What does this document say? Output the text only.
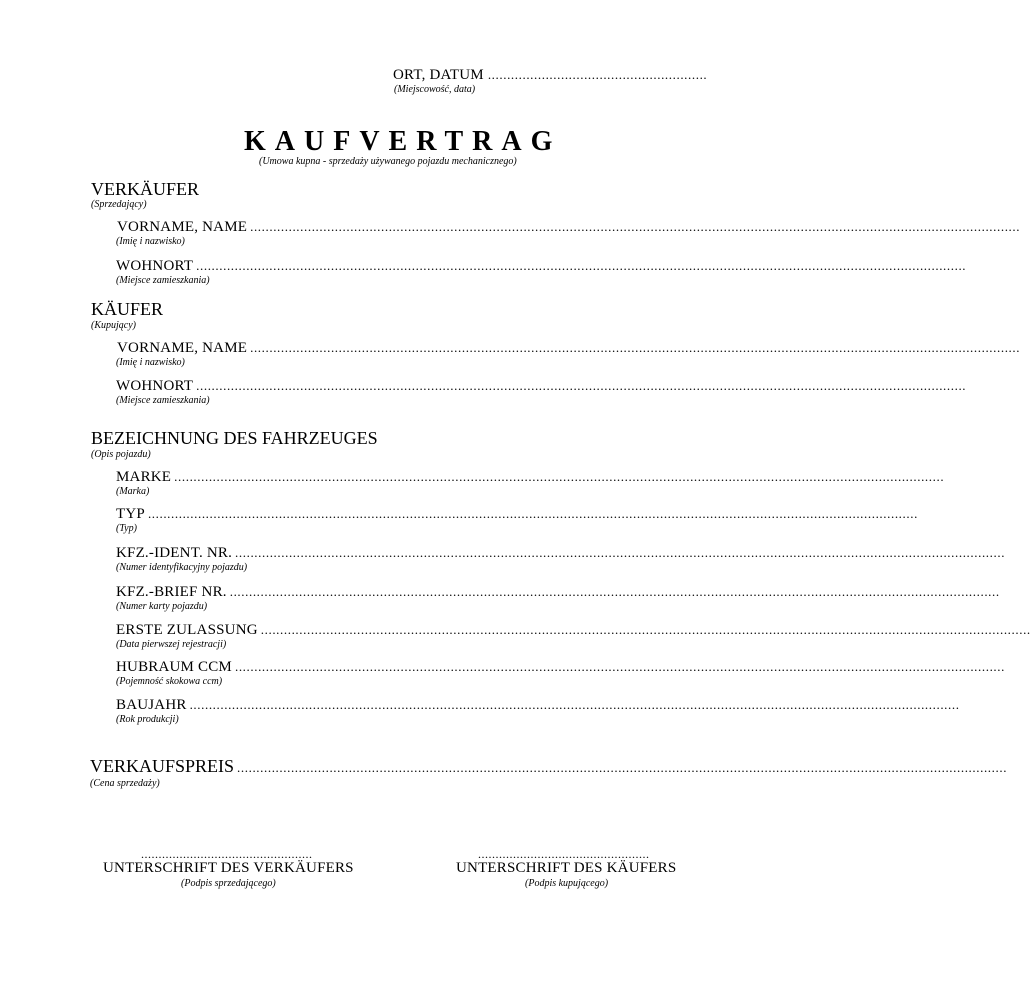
ORT, DATUM .........................................................
(Miejscowość, data)
KAUFVERTRAG
(Umowa kupna - sprzedaży używanego pojazdu mechanicznego)
VERKÄUFER
(Sprzedający)
VORNAME, NAME ........................................................................................................................................................................................................
(Imię i nazwisko)
WOHNORT ........................................................................................................................................................................................................
(Miejsce zamieszkania)
KÄUFER
(Kupujący)
VORNAME, NAME ........................................................................................................................................................................................................
(Imię i nazwisko)
WOHNORT ........................................................................................................................................................................................................
(Miejsce zamieszkania)
BEZEICHNUNG DES FAHRZEUGES
(Opis pojazdu)
MARKE ........................................................................................................................................................................................................
(Marka)
TYP ........................................................................................................................................................................................................
(Typ)
KFZ.-IDENT. NR. ........................................................................................................................................................................................................
(Numer identyfikacyjny pojazdu)
KFZ.-BRIEF NR. ........................................................................................................................................................................................................
(Numer karty pojazdu)
ERSTE ZULASSUNG ........................................................................................................................................................................................................
(Data pierwszej rejestracji)
HUBRAUM CCM ........................................................................................................................................................................................................
(Pojemność skokowa ccm)
BAUJAHR ........................................................................................................................................................................................................
(Rok produkcji)
VERKAUFSPREIS ........................................................................................................................................................................................................
(Cena sprzedaży)
.................................................
UNTERSCHRIFT DES VERKÄUFERS
(Podpis sprzedającego)
.................................................
UNTERSCHRIFT DES KÄUFERS
(Podpis kupującego)
